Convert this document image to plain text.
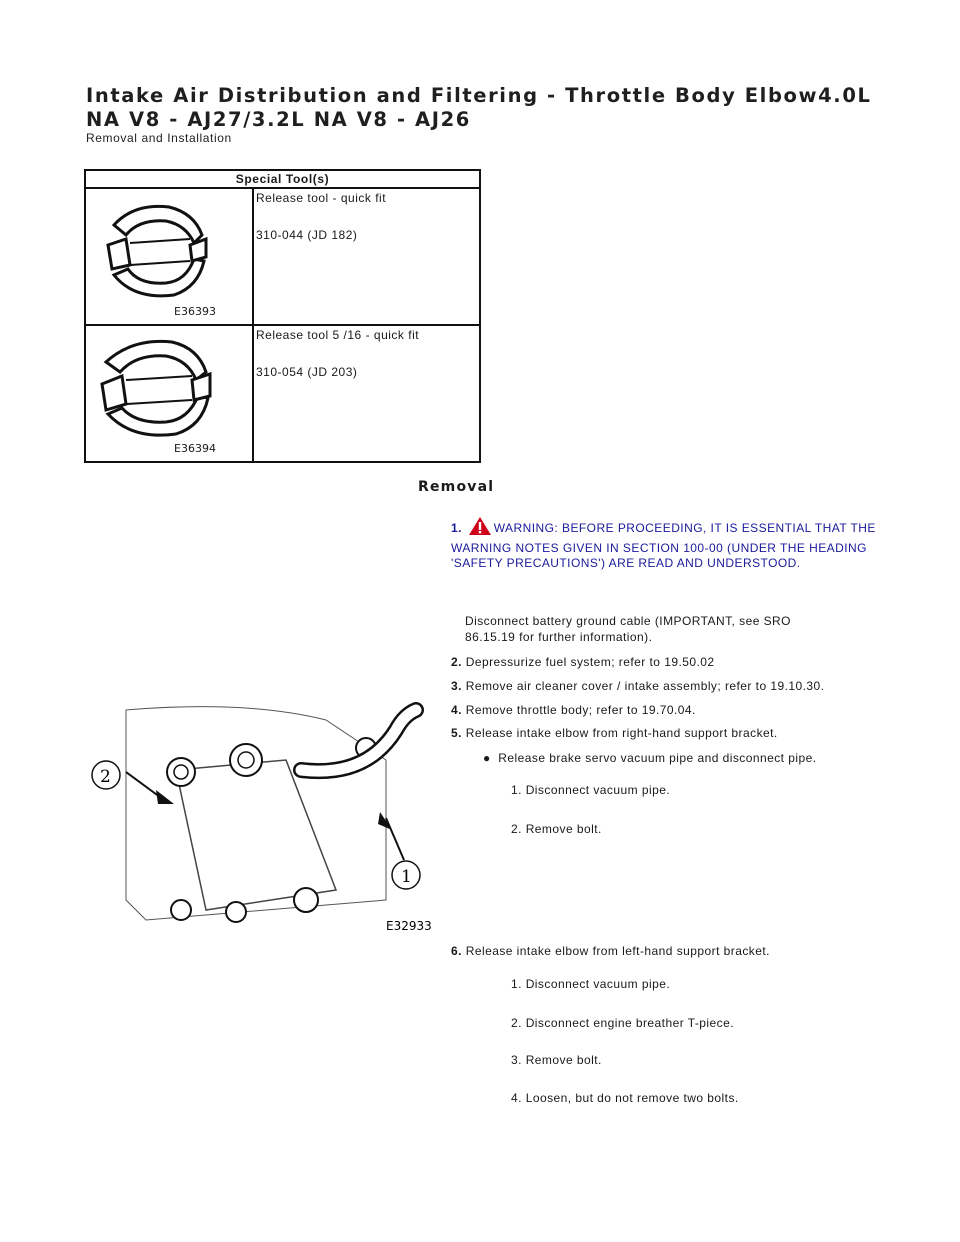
Intake Air Distribution and Filtering - Throttle Body Elbow4.0L NA V8 - AJ27/3.2L NA V8 - AJ26
Removal and Installation
Special Tool(s)	

E36393	Release tool - quick fit

310-044 (JD 182)

E36394	Release tool 5 /16 - quick fit

310-054 (JD 203)

Removal
2
1
E32933
1.	WARNING: BEFORE PROCEEDING, IT IS ESSENTIAL THAT THE WARNING NOTES GIVEN IN SECTION 100-00 (UNDER THE HEADING 'SAFETY PRECAUTIONS') ARE READ AND UNDERSTOOD.
Disconnect battery ground cable (IMPORTANT, see SRO
86.15.19 for further information).
2. Depressurize fuel system; refer to 19.50.02
3. Remove air cleaner cover / intake assembly; refer to 19.10.30.
4. Remove throttle body; refer to 19.70.04.
5. Release intake elbow from right-hand support bracket.
●  Release brake servo vacuum pipe and disconnect pipe.
1. Disconnect vacuum pipe.
2. Remove bolt.
6. Release intake elbow from left-hand support bracket.
1. Disconnect vacuum pipe.
2. Disconnect engine breather T-piece.
3. Remove bolt.
4. Loosen, but do not remove two bolts.
